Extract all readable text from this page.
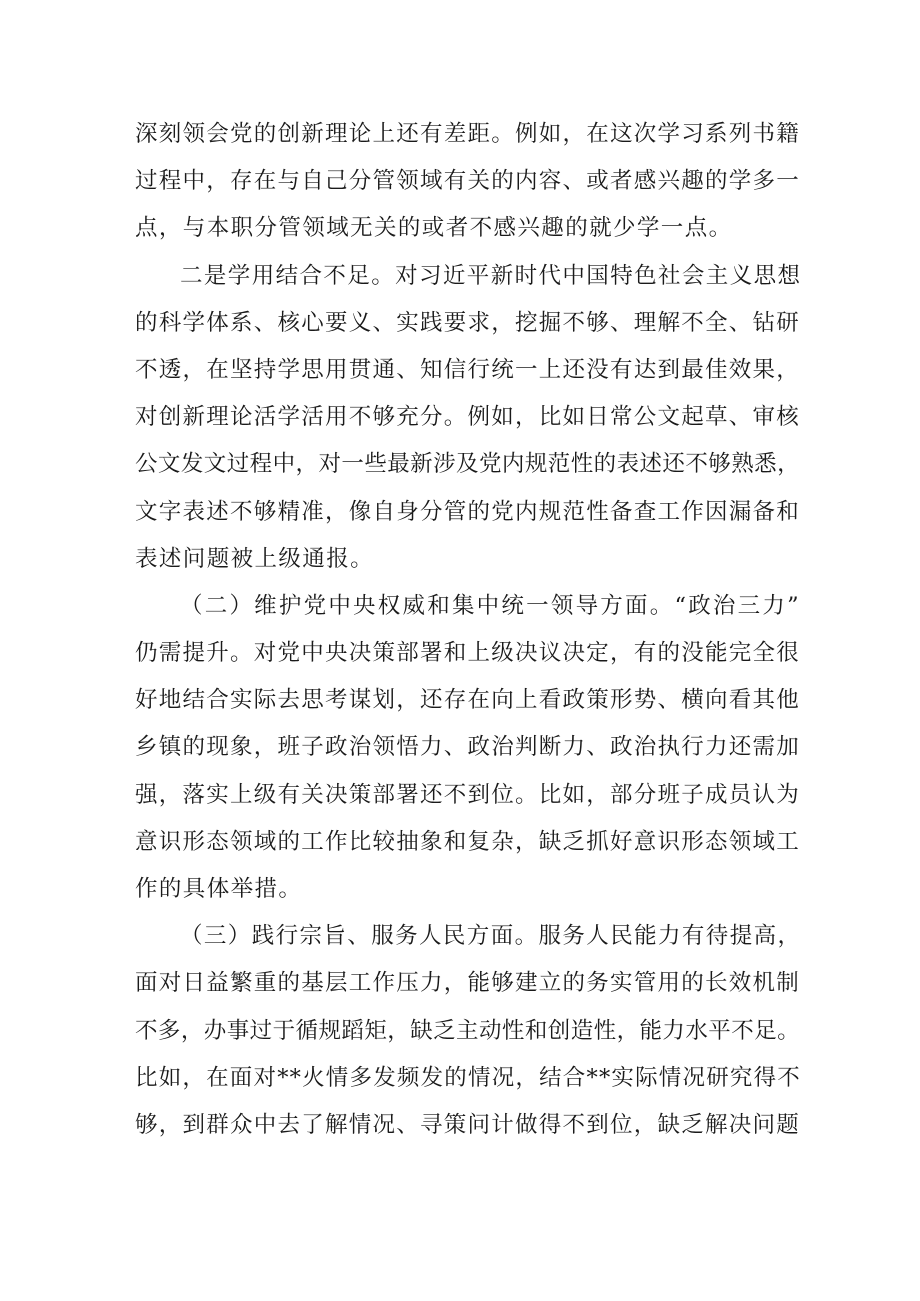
深刻领会党的创新理论上还有差距。例如，在这次学习系列书籍
过程中，存在与自己分管领域有关的内容、或者感兴趣的学多一
点，与本职分管领域无关的或者不感兴趣的就少学一点。
二是学用结合不足。对习近平新时代中国特色社会主义思想
的科学体系、核心要义、实践要求，挖掘不够、理解不全、钻研
不透，在坚持学思用贯通、知信行统一上还没有达到最佳效果，
对创新理论活学活用不够充分。例如，比如日常公文起草、审核
公文发文过程中，对一些最新涉及党内规范性的表述还不够熟悉，
文字表述不够精准，像自身分管的党内规范性备查工作因漏备和
表述问题被上级通报。
（二）维护党中央权威和集中统一领导方面。“政治三力”
仍需提升。对党中央决策部署和上级决议决定，有的没能完全很
好地结合实际去思考谋划，还存在向上看政策形势、横向看其他
乡镇的现象，班子政治领悟力、政治判断力、政治执行力还需加
强，落实上级有关决策部署还不到位。比如，部分班子成员认为
意识形态领域的工作比较抽象和复杂，缺乏抓好意识形态领域工
作的具体举措。
（三）践行宗旨、服务人民方面。服务人民能力有待提高，
面对日益繁重的基层工作压力，能够建立的务实管用的长效机制
不多，办事过于循规蹈矩，缺乏主动性和创造性，能力水平不足。
比如，在面对**火情多发频发的情况，结合**实际情况研究得不
够，到群众中去了解情况、寻策问计做得不到位，缺乏解决问题
